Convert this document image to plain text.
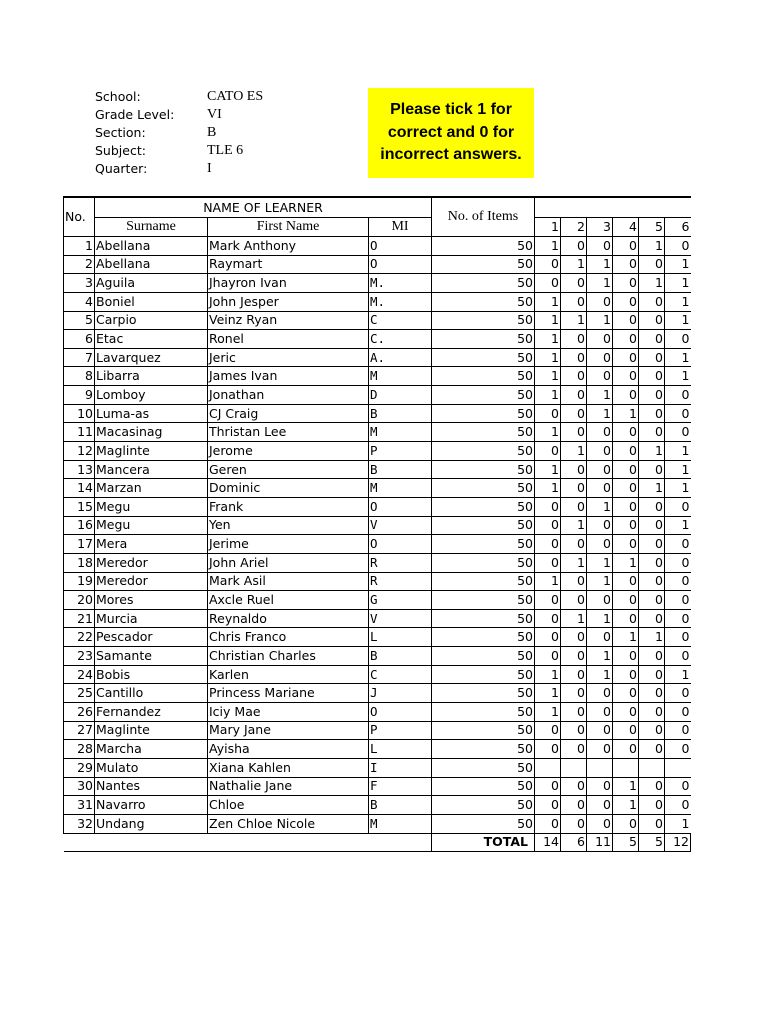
School:	CATO ES
Grade Level:	VI
Section:	B
Subject:	TLE 6
Quarter:	I
Please tick 1 for correct and 0 for incorrect answers.
No.	NAME OF LEARNER			No. of Items						
	Surname	First Name	MI		1	2	3	4	5	6
1	Abellana	Mark Anthony	O	50	1	0	0	0	1	0
2	Abellana	Raymart	O	50	0	1	1	0	0	1
3	Aguila	Jhayron Ivan	M.	50	0	0	1	0	1	1
4	Boniel	John Jesper	M.	50	1	0	0	0	0	1
5	Carpio	Veinz Ryan	C	50	1	1	1	0	0	1
6	Etac	Ronel	C.	50	1	0	0	0	0	0
7	Lavarquez	Jeric	A.	50	1	0	0	0	0	1
8	Libarra	James Ivan	M	50	1	0	0	0	0	1
9	Lomboy	Jonathan	D	50	1	0	1	0	0	0
10	Luma-as	CJ Craig	B	50	0	0	1	1	0	0
11	Macasinag	Thristan Lee	M	50	1	0	0	0	0	0
12	Maglinte	Jerome	P	50	0	1	0	0	1	1
13	Mancera	Geren	B	50	1	0	0	0	0	1
14	Marzan	Dominic	M	50	1	0	0	0	1	1
15	Megu	Frank	O	50	0	0	1	0	0	0
16	Megu	Yen	V	50	0	1	0	0	0	1
17	Mera	Jerime	O	50	0	0	0	0	0	0
18	Meredor	John Ariel	R	50	0	1	1	1	0	0
19	Meredor	Mark Asil	R	50	1	0	1	0	0	0
20	Mores	Axcle Ruel	G	50	0	0	0	0	0	0
21	Murcia	Reynaldo	V	50	0	1	1	0	0	0
22	Pescador	Chris Franco	L	50	0	0	0	1	1	0
23	Samante	Christian Charles	B	50	0	0	1	0	0	0
24	Bobis	Karlen	C	50	1	0	1	0	0	1
25	Cantillo	Princess Mariane	J	50	1	0	0	0	0	0
26	Fernandez	Iciy Mae	O	50	1	0	0	0	0	0
27	Maglinte	Mary Jane	P	50	0	0	0	0	0	0
28	Marcha	Ayisha	L	50	0	0	0	0	0	0
29	Mulato	Xiana Kahlen	I	50						
30	Nantes	Nathalie Jane	F	50	0	0	0	1	0	0
31	Navarro	Chloe	B	50	0	0	0	1	0	0
32	Undang	Zen Chloe Nicole	M	50	0	0	0	0	0	1
				TOTAL	14	6	11	5	5	12
